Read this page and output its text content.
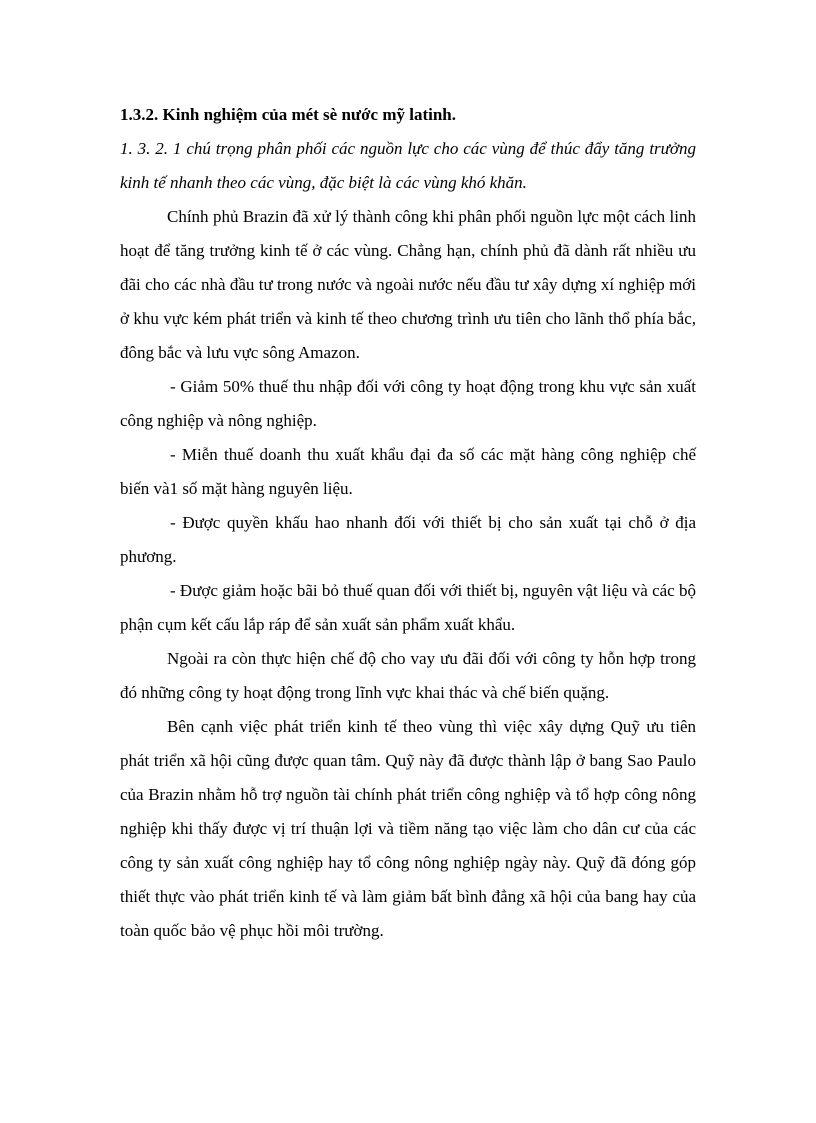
1.3.2. Kinh nghiệm của mét sè nước mỹ latinh.

1. 3. 2. 1 chú trọng phân phối các nguồn lực cho các vùng để thúc đẩy tăng trưởng kinh tế nhanh theo các vùng, đặc biệt là các vùng khó khăn.

Chính phủ Brazin đã xử lý thành công khi phân phối nguồn lực một cách linh hoạt để tăng trưởng kinh tế ở các vùng. Chẳng hạn, chính phủ đã dành rất nhiều ưu đãi cho các nhà đầu tư trong nước và ngoài nước nếu đầu tư xây dựng xí nghiệp mới ở khu vực kém phát triển và kinh tế theo chương trình ưu tiên cho lãnh thổ phía bắc, đông bắc và lưu vực sông Amazon.

- Giảm 50% thuế thu nhập đối với công ty hoạt động trong khu vực sản xuất công nghiệp và nông nghiệp.

- Miễn thuế doanh thu xuất khẩu đại đa số các mặt hàng công nghiệp chế biến và1 số mặt hàng nguyên liệu.

- Được quyền khấu hao nhanh đối với thiết bị cho sản xuất tại chỗ ở địa phương.

- Được giảm hoặc bãi bỏ thuế quan đối với thiết bị, nguyên vật liệu và các bộ phận cụm kết cấu lắp ráp để sản xuất sản phẩm xuất khẩu.

Ngoài ra còn thực hiện chế độ cho vay ưu đãi đối với công ty hỗn hợp trong đó những công ty hoạt động trong lĩnh vực khai thác và chế biến quặng.

Bên cạnh việc phát triển kinh tế theo vùng thì việc xây dựng Quỹ ưu tiên phát triển xã hội cũng được quan tâm. Quỹ này đã được thành lập ở bang Sao Paulo của Brazin nhằm hỗ trợ nguồn tài chính phát triển công nghiệp và tổ hợp công nông nghiệp khi thấy được vị trí thuận lợi và tiềm năng tạo việc làm cho dân cư của các công ty sản xuất công nghiệp hay tổ công nông nghiệp ngày này. Quỹ đã đóng góp thiết thực vào phát triển kinh tế và làm giảm bất bình đẳng xã hội của bang hay của toàn quốc bảo vệ phục hồi môi trường.
